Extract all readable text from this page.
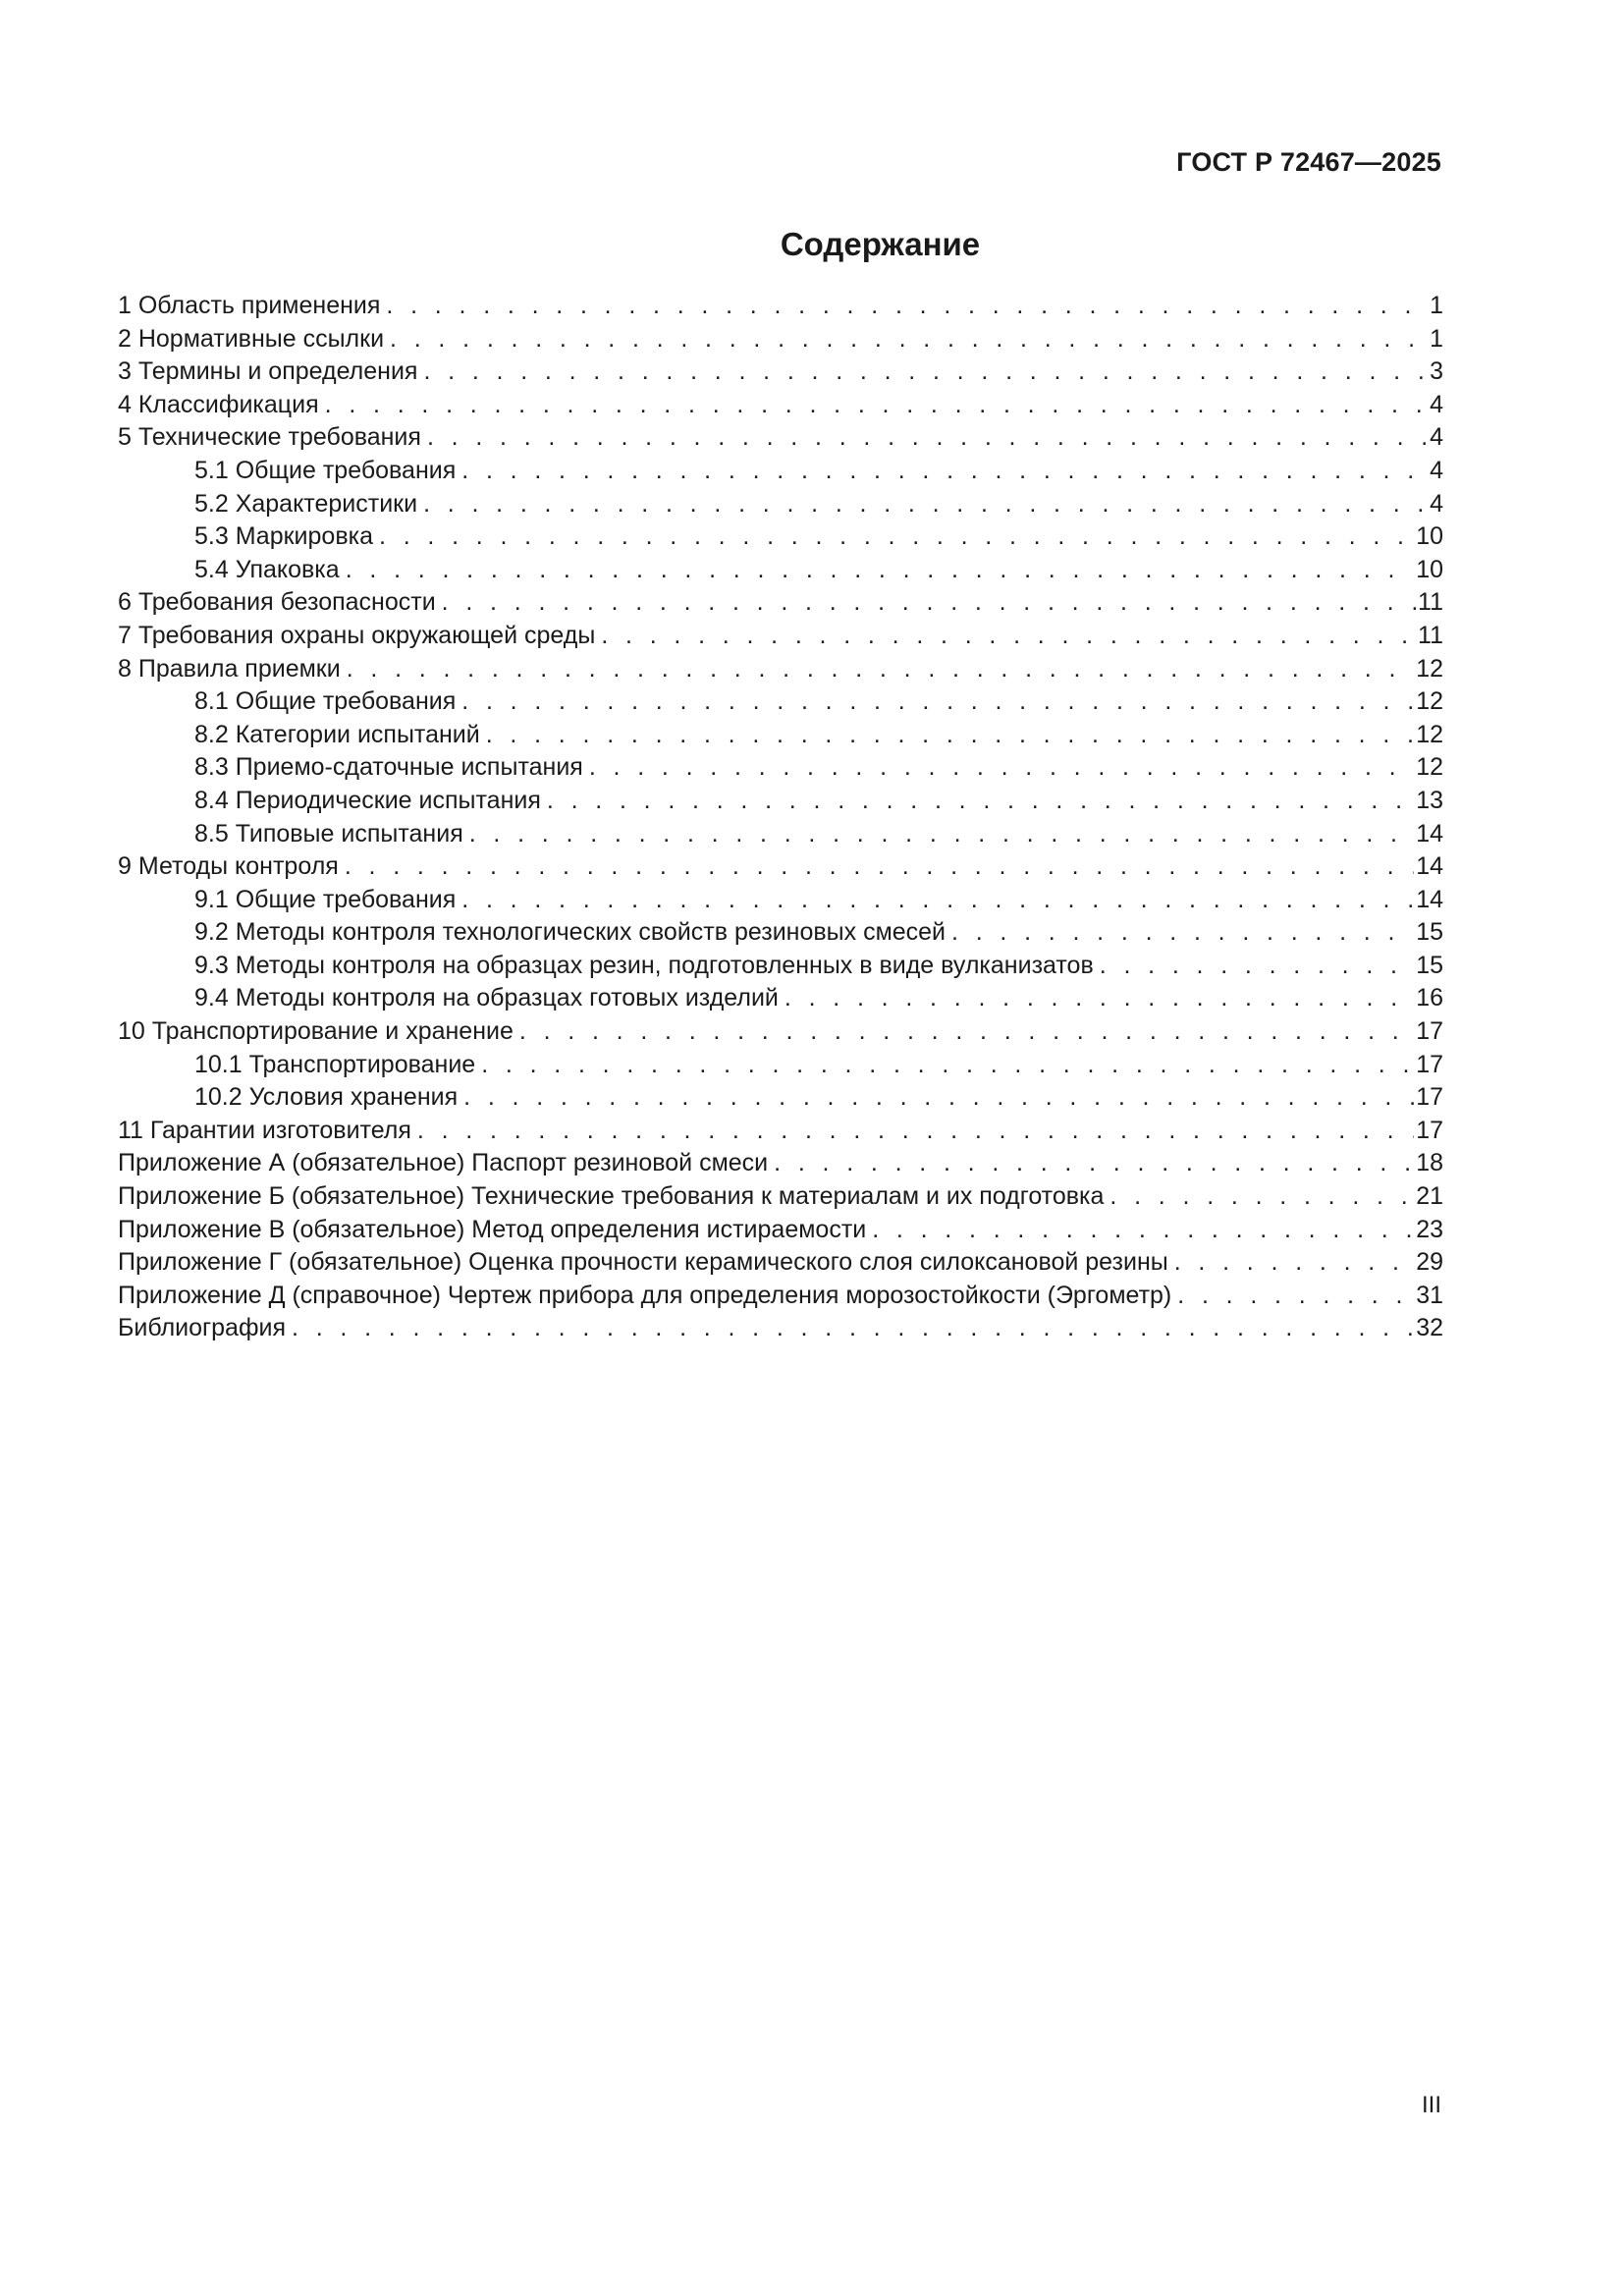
ГОСТ Р 72467—2025
Содержание
1 Область применения . . .	1
2 Нормативные ссылки . . .	1
3 Термины и определения . . .	3
4 Классификация . . .	4
5 Технические требования . . .	4
5.1 Общие требования . . .	4
5.2 Характеристики . . .	4
5.3 Маркировка . . .	10
5.4 Упаковка . . .	10
6 Требования безопасности . . .	11
7 Требования охраны окружающей среды . . .	11
8 Правила приемки . . .	12
8.1 Общие требования . . .	12
8.2 Категории испытаний . . .	12
8.3 Приемо-сдаточные испытания . . .	12
8.4 Периодические испытания . . .	13
8.5 Типовые испытания . . .	14
9 Методы контроля . . .	14
9.1 Общие требования . . .	14
9.2 Методы контроля технологических свойств резиновых смесей . . .	15
9.3 Методы контроля на образцах резин, подготовленных в виде вулканизатов . . .	15
9.4 Методы контроля на образцах готовых изделий . . .	16
10 Транспортирование и хранение . . .	17
10.1 Транспортирование . . .	17
10.2 Условия хранения . . .	17
11 Гарантии изготовителя . . .	17
Приложение А (обязательное) Паспорт резиновой смеси . . .	18
Приложение Б (обязательное) Технические требования к материалам и их подготовка . . .	21
Приложение В (обязательное) Метод определения истираемости . . .	23
Приложение Г (обязательное) Оценка прочности керамического слоя силоксановой резины . . .	29
Приложение Д (справочное) Чертеж прибора для определения морозостойкости (Эргометр) . . .	31
Библиография . . .	32
III
